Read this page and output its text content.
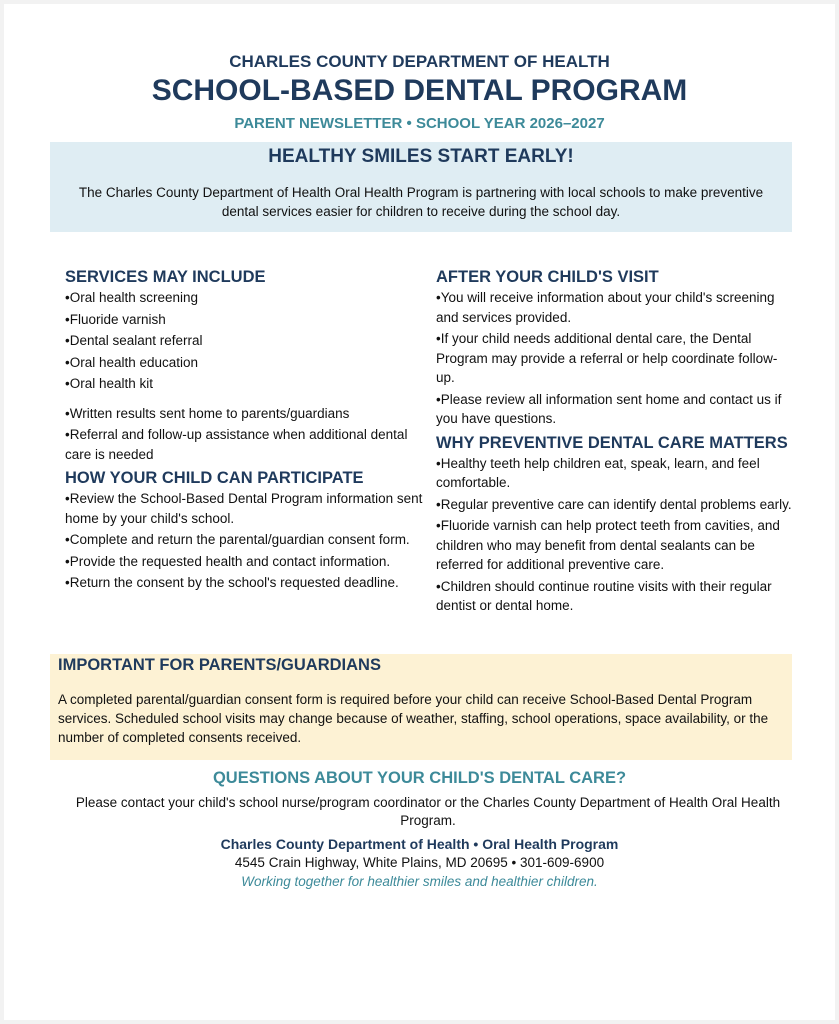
CHARLES COUNTY DEPARTMENT OF HEALTH
SCHOOL-BASED DENTAL PROGRAM
PARENT NEWSLETTER • SCHOOL YEAR 2026–2027
HEALTHY SMILES START EARLY!

The Charles County Department of Health Oral Health Program is partnering with local schools to make preventive dental services easier for children to receive during the school day.

SERVICES MAY INCLUDE
• Oral health screening
• Fluoride varnish
• Dental sealant referral
• Oral health education
• Oral health kit
• Written results sent home to parents/guardians
• Referral and follow-up assistance when additional dental care is needed
HOW YOUR CHILD CAN PARTICIPATE
• Review the School-Based Dental Program information sent home by your child's school.
• Complete and return the parental/guardian consent form.
• Provide the requested health and contact information.
• Return the consent by the school's requested deadline.
AFTER YOUR CHILD'S VISIT
• You will receive information about your child's screening and services provided.
• If your child needs additional dental care, the Dental Program may provide a referral or help coordinate follow-up.
• Please review all information sent home and contact us if you have questions.
WHY PREVENTIVE DENTAL CARE MATTERS
• Healthy teeth help children eat, speak, learn, and feel comfortable.
• Regular preventive care can identify dental problems early.
• Fluoride varnish can help protect teeth from cavities, and children who may benefit from dental sealants can be referred for additional preventive care.
• Children should continue routine visits with their regular dentist or dental home.
IMPORTANT FOR PARENTS/GUARDIANS

A completed parental/guardian consent form is required before your child can receive School-Based Dental Program services. Scheduled school visits may change because of weather, staffing, school operations, space availability, or the number of completed consents received.

QUESTIONS ABOUT YOUR CHILD'S DENTAL CARE?
Please contact your child's school nurse/program coordinator or the Charles County Department of Health Oral Health Program.
Charles County Department of Health • Oral Health Program
4545 Crain Highway, White Plains, MD 20695 • 301-609-6900
Working together for healthier smiles and healthier children.
